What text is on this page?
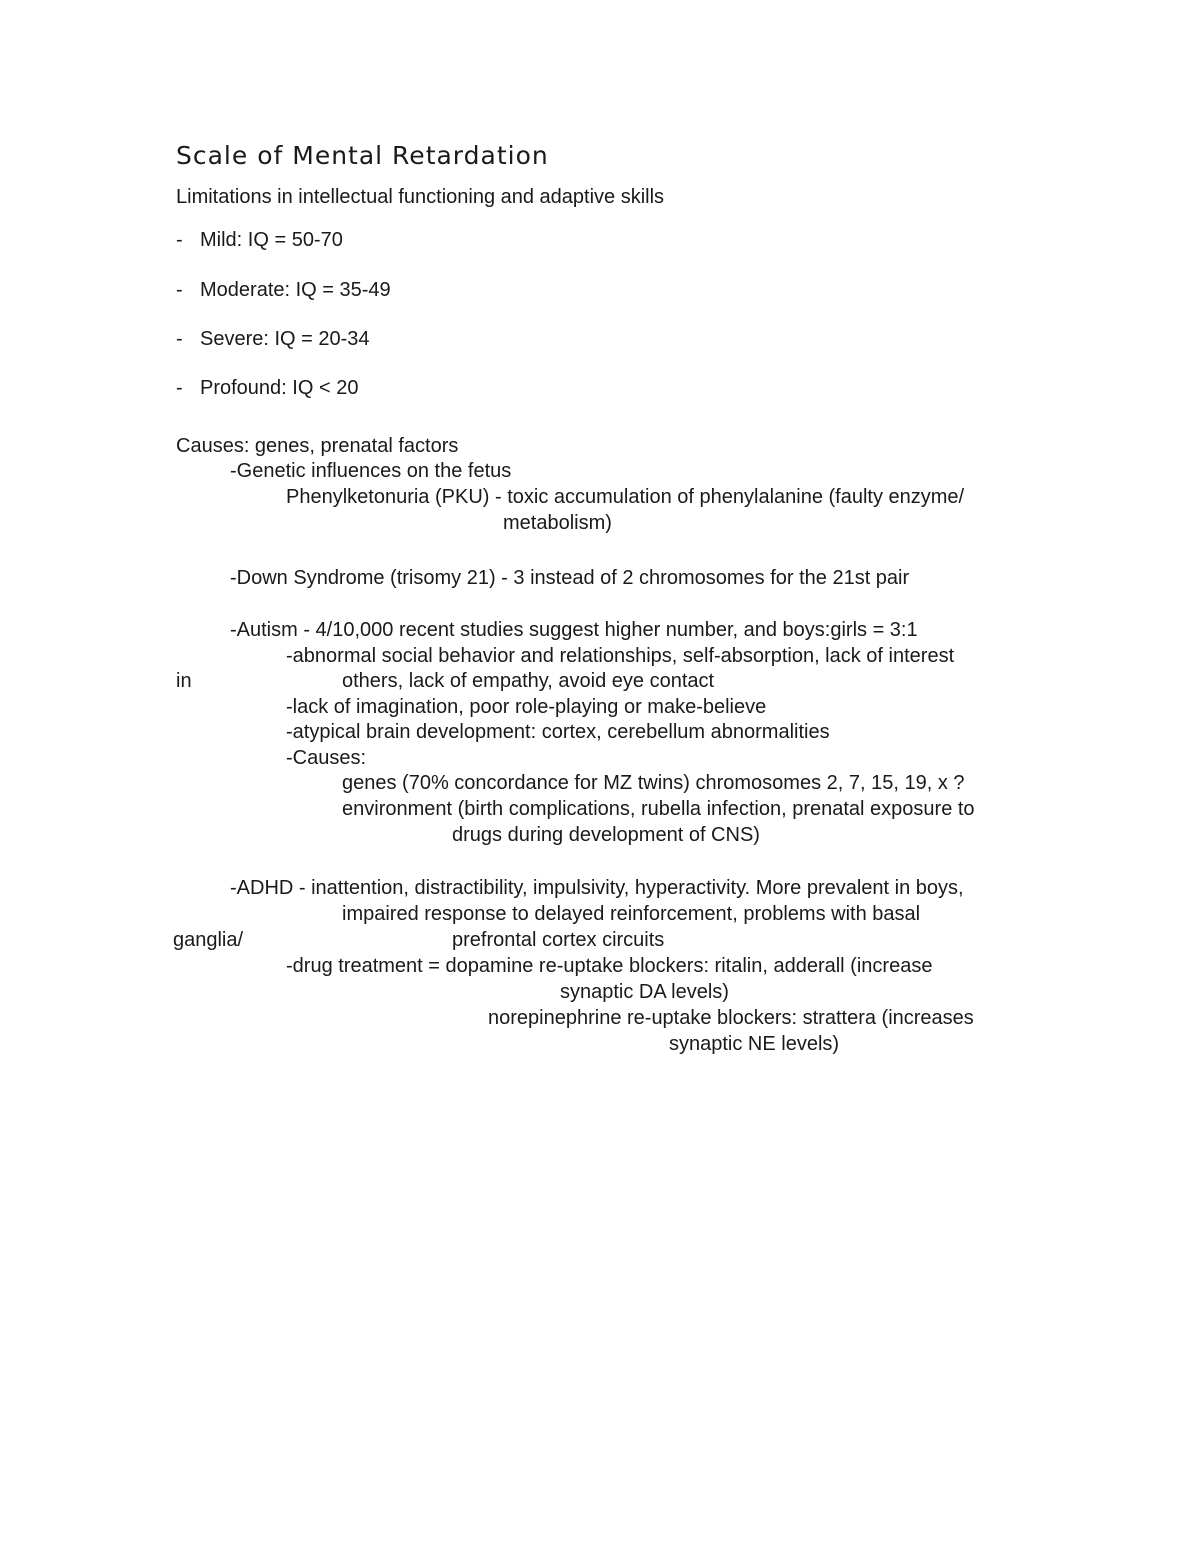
Scale of Mental Retardation
Limitations in intellectual functioning and adaptive skills
- Mild: IQ = 50-70
- Moderate: IQ = 35-49
- Severe: IQ = 20-34
- Profound: IQ < 20
Causes: genes, prenatal factors
-Genetic influences on the fetus
Phenylketonuria (PKU) - toxic accumulation of phenylalanine (faulty enzyme/
metabolism)
-Down Syndrome (trisomy 21) - 3 instead of 2 chromosomes for the 21st pair
-Autism - 4/10,000 recent studies suggest higher number, and boys:girls = 3:1
-abnormal social behavior and relationships, self-absorption, lack of interest
in	others, lack of empathy, avoid eye contact
-lack of imagination, poor role-playing or make-believe
-atypical brain development: cortex, cerebellum abnormalities
-Causes:
genes (70% concordance for MZ twins) chromosomes 2, 7, 15, 19, x ?
environment (birth complications, rubella infection, prenatal exposure to
drugs during development of CNS)
-ADHD - inattention, distractibility, impulsivity, hyperactivity. More prevalent in boys,
impaired response to delayed reinforcement, problems with basal
ganglia/	prefrontal cortex circuits
-drug treatment = dopamine re-uptake blockers: ritalin, adderall (increase
synaptic DA levels)
norepinephrine re-uptake blockers: strattera (increases
synaptic NE levels)
